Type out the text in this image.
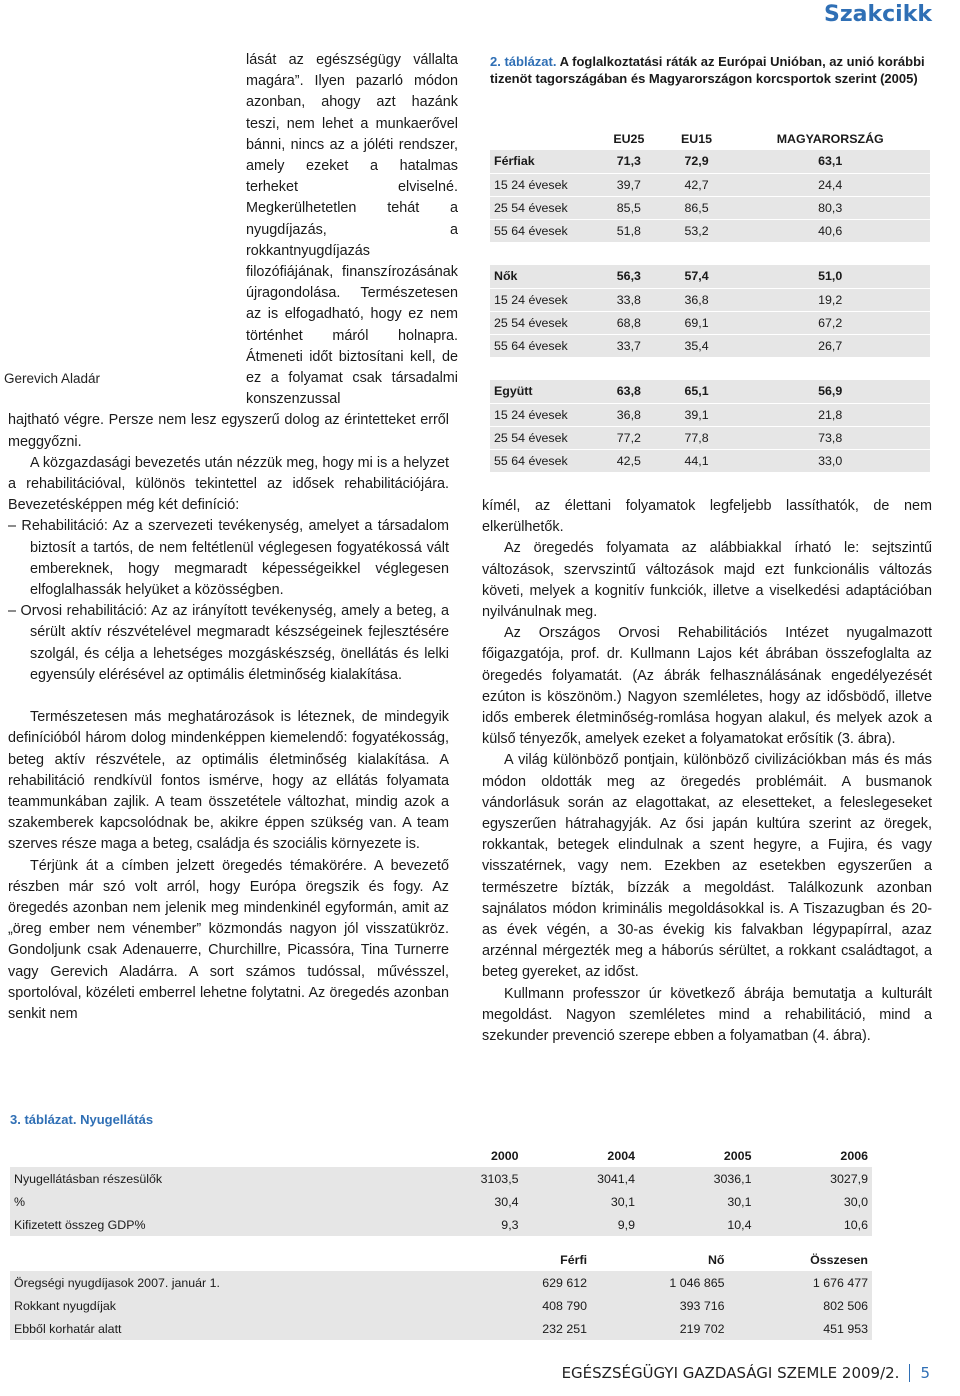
Szakcikk
Gerevich Aladár

lását az egészségügy vállalta magára”. Ilyen pazarló módon azonban, ahogy azt hazánk teszi, nem lehet a munkaerővel bánni, nincs az a jóléti rendszer, amely ezeket a hatalmas terheket elviselné. Megkerülhetetlen tehát a nyugdíjazás, a rokkantnyugdíjazás filozófiájának, finanszírozásának újragondolása. Természetesen az is elfogadható, hogy ez nem történhet máról holnapra. Átmeneti időt biztosítani kell, de ez a folyamat csak társadalmi konszenzussal

hajtható végre. Persze nem lesz egyszerű dolog az érintetteket erről meggyőzni.

A közgazdasági bevezetés után nézzük meg, hogy mi is a helyzet a rehabilitációval, különös tekintettel az idősek rehabilitációjára. Bevezetésképpen még két definíció:

– Rehabilitáció: Az a szervezeti tevékenység, amelyet a társadalom biztosít a tartós, de nem feltétlenül véglegesen fogyatékossá vált embereknek, hogy megmaradt képességeikkel véglegesen elfoglalhassák helyüket a közösségben.

– Orvosi rehabilitáció: Az az irányított tevékenység, amely a beteg, a sérült aktív részvételével megmaradt készségeinek fejlesztésére szolgál, és célja a lehetséges mozgáskészség, önellátás és lelki egyensúly elérésével az optimális életminőség kialakítása.

Természetesen más meghatározások is léteznek, de mindegyik definícióból három dolog mindenképpen kiemelendő: fogyatékosság, beteg aktív részvétele, az optimális életminőség kialakítása. A rehabilitáció rendkívül fontos ismérve, hogy az ellátás folyamata teammunkában zajlik. A team összetétele változhat, mindig azok a szakemberek kapcsolódnak be, akikre éppen szükség van. A team szerves része maga a beteg, családja és szociális környezete is.

Térjünk át a címben jelzett öregedés témakörére. A bevezető részben már szó volt arról, hogy Európa öregszik és fogy. Az öregedés azonban nem jelenik meg mindenkinél egyformán, amit az „öreg ember nem vénember” közmondás nagyon jól visszatükröz. Gondoljunk csak Adenauerre, Churchillre, Picassóra, Tina Turnerre vagy Gerevich Aladárra. A sort számos tudóssal, művésszel, sportolóval, közéleti emberrel lehetne folytatni. Az öregedés azonban senkit nem

2. táblázat. A foglalkoztatási ráták az Európai Unióban, az unió korábbi tizenöt tagországában és Magyarországon korcsportok szerint (2005)
	EU25	EU15	MAGYARORSZÁG
Férfiak	71,3	72,9	63,1
15 24 évesek	39,7	42,7	24,4
25 54 évesek	85,5	86,5	80,3
55 64 évesek	51,8	53,2	40,6

Nők	56,3	57,4	51,0
15 24 évesek	33,8	36,8	19,2
25 54 évesek	68,8	69,1	67,2
55 64 évesek	33,7	35,4	26,7

Együtt	63,8	65,1	56,9
15 24 évesek	36,8	39,1	21,8
25 54 évesek	77,2	77,8	73,8
55 64 évesek	42,5	44,1	33,0

kímél, az élettani folyamatok legfeljebb lassíthatók, de nem elkerülhetők.

Az öregedés folyamata az alábbiakkal írható le: sejtszintű változások, szervszintű változások majd ezt funkcionális változás követi, melyek a kognitív funkciók, illetve a viselkedési adaptációban nyilvánulnak meg.

Az Országos Orvosi Rehabilitációs Intézet nyugalmazott főigazgatója, prof. dr. Kullmann Lajos két ábrában összefoglalta az öregedés folyamatát. (Az ábrák felhasználásának engedélyezését ezúton is köszönöm.) Nagyon szemléletes, hogy az idősbödő, illetve idős emberek életminőség-romlása hogyan alakul, és melyek azok a külső tényezők, amelyek ezeket a folyamatokat erősítik (3. ábra).

A világ különböző pontjain, különböző civilizációkban más és más módon oldották meg az öregedés problémáit. A busmanok vándorlásuk során az elagottakat, az elesetteket, a feleslegeseket egyszerűen hátrahagyják. Az ősi japán kultúra szerint az öregek, rokkantak, betegek elindulnak a szent hegyre, a Fujira, és vagy visszatérnek, vagy nem. Ezekben az esetekben egyszerűen a természetre bízták, bízzák a megoldást. Találkozunk azonban sajnálatos módon kriminális megoldásokkal is. A Tiszazugban és 20-as évek végén, a 30-as évekig kis falvakban légypapírral, azaz arzénnal mérgezték meg a háborús sérültet, a rokkant családtagot, a beteg gyereket, az időst.

Kullmann professzor úr következő ábrája bemutatja a kulturált megoldást. Nagyon szemléletes mind a rehabilitáció, mind a szekunder prevenció szerepe ebben a folyamatban (4. ábra).

3. táblázat. Nyugellátás
	2000	2004	2005	2006
Nyugellátásban részesülők	3103,5	3041,4	3036,1	3027,9
%	30,4	30,1	30,1	30,0
Kifizetett összeg GDP%	9,3	9,9	10,4	10,6
	Férfi	Nő	Összesen
Öregségi nyugdíjasok 2007. január 1.	629 612	1 046 865	1 676 477
Rokkant nyugdíjak	408 790	393 716	802 506
Ebből korhatár alatt	232 251	219 702	451 953
EGÉSZSÉGÜGYI GAZDASÁGI SZEMLE 2009/2. 5
